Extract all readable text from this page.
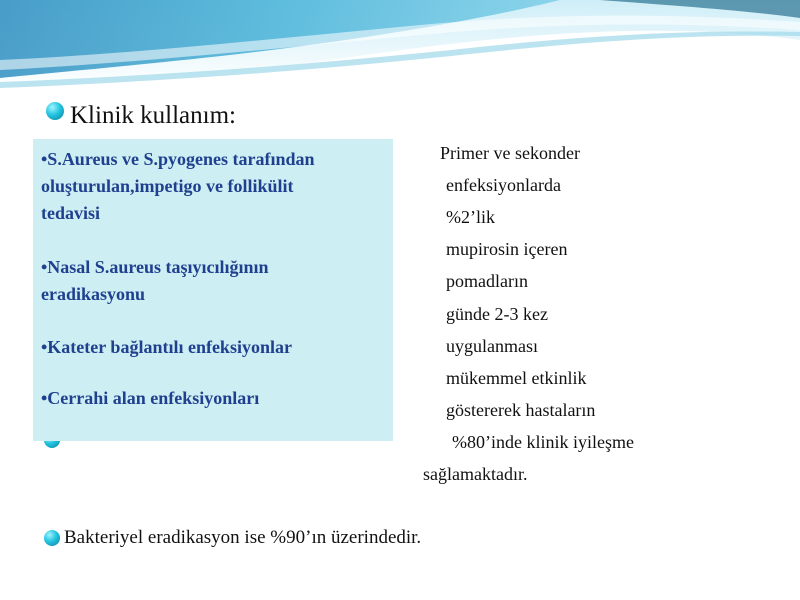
Klinik kullanım:
•S.Aureus ve S.pyogenes tarafından
oluşturulan,impetigo ve follikülit
tedavisi
•Nasal S.aureus taşıyıcılığının
eradikasyonu
•Kateter bağlantılı enfeksiyonlar
•Cerrahi alan enfeksiyonları
Primer ve sekonder
enfeksiyonlarda
%2’lik
mupirosin içeren
pomadların
günde 2-3 kez
uygulanması
mükemmel etkinlik
göstererek hastaların
%80’inde klinik iyileşme
sağlamaktadır.
Bakteriyel eradikasyon ise %90’ın üzerindedir.
